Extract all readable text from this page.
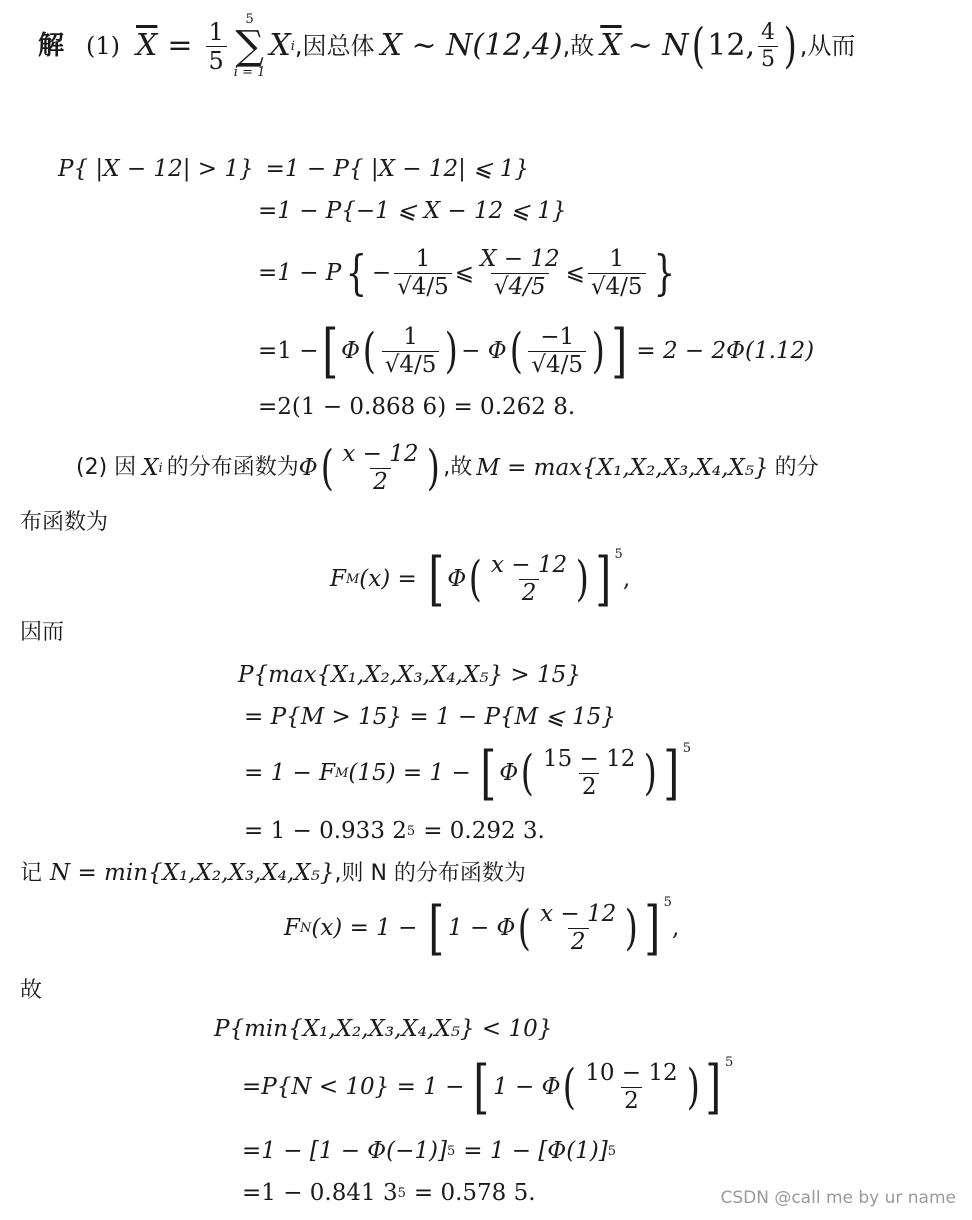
解 (1) $\overline{X} = \frac{1}{5} 5$
∑
i = 1
X i ,因总体 X ~ N(12,4) ,故 $\overline{X}$ ~ N ( 12, $\frac{4}{5}$ ) ,从而
P{ |X − 12| > 1} =1 − P{ |X − 12| ⩽ 1}
=1 − P{−1 ⩽ X − 12 ⩽ 1}
=1 − P { − $\frac{1}{√4/5}$ ⩽ $\frac{X - 12}{√4/5}$ ⩽ $\frac{1}{√4/5}$ }
=1 − [ Φ ( $\frac{1}{√4/5}$ ) − Φ ( $\frac{-1}{√4/5}$ ) ] = 2 − 2Φ(1.12)
=2(1 − 0.868 6) = 0.262 8.
(2) 因 X i 的分布函数为 Φ ( $\frac{x - 12}{2}$ ) ,故 M = max{X₁,X₂,X₃,X₄,X₅} 的分
布函数为
F M (x) = [ Φ ( $\frac{x - 12}{2}$ ) ] $^5$
,
因而
P{max{X₁,X₂,X₃,X₄,X₅} > 15}
= P{M > 15} = 1 − P{M ⩽ 15}
= 1 − F M (15) = 1 − [ Φ ( $\frac{15 - 12}{2}$ ) ] $^5$
= 1 − 0.933 2 5 = 0.292 3.
记 N = min{X₁,X₂,X₃,X₄,X₅} ,则 N 的分布函数为
F N (x) = 1 − [ 1 − Φ ( $\frac{x - 12}{2}$ ) ] $^5$
,
故
P{min{X₁,X₂,X₃,X₄,X₅} < 10}
=P{N < 10} = 1 − [ 1 − Φ ( $\frac{10 - 12}{2}$ ) ] $^5$
=1 − [1 − Φ(−1)] 5 = 1 − [Φ(1)] 5
=1 − 0.841 3 5 = 0.578 5.	CSDN @call me by ur name
